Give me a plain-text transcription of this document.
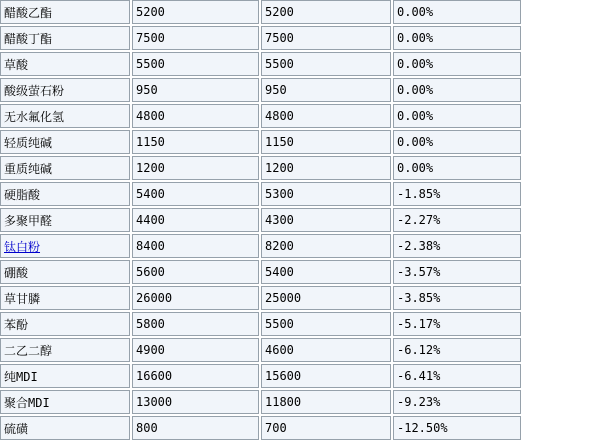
醋酸乙酯	5200	5200	0.00%
醋酸丁酯	7500	7500	0.00%
草酸	5500	5500	0.00%
酸级萤石粉	950	950	0.00%
无水氟化氢	4800	4800	0.00%
轻质纯碱	1150	1150	0.00%
重质纯碱	1200	1200	0.00%
硬脂酸	5400	5300	-1.85%
多聚甲醛	4400	4300	-2.27%
钛白粉	8400	8200	-2.38%
硼酸	5600	5400	-3.57%
草甘膦	26000	25000	-3.85%
苯酚	5800	5500	-5.17%
二乙二醇	4900	4600	-6.12%
纯MDI	16600	15600	-6.41%
聚合MDI	13000	11800	-9.23%
硫磺	800	700	-12.50%
